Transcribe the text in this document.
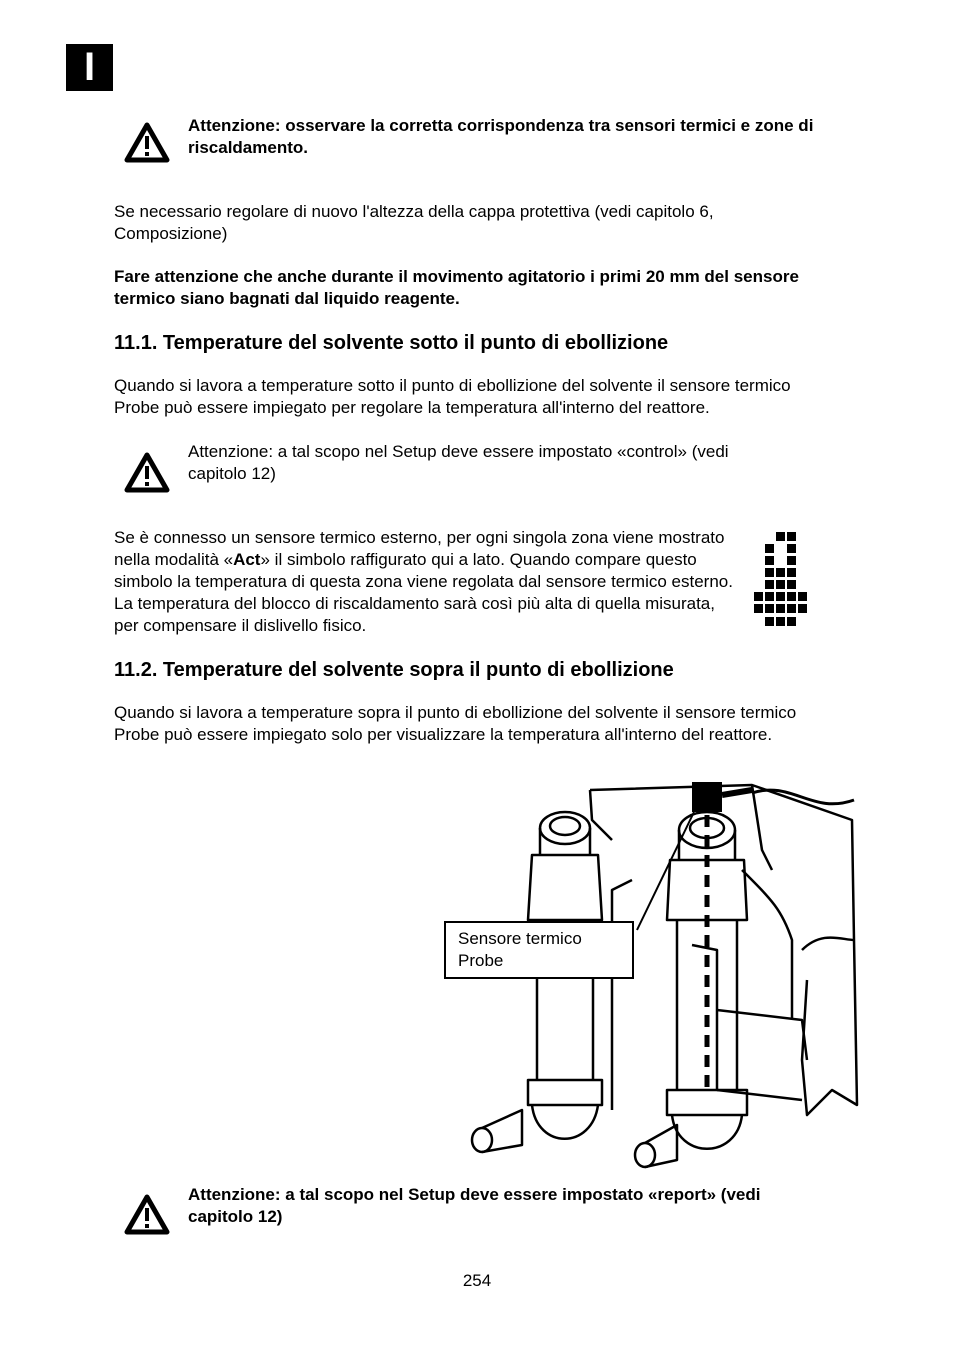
I
Attenzione: osservare la corretta corrispondenza tra sensori termici e zone di riscaldamento.
Se necessario regolare di nuovo l'altezza della cappa protettiva (vedi capitolo 6, Composizione)
Fare attenzione che anche durante il movimento agitatorio i primi 20 mm del sensore termico siano bagnati dal liquido reagente.
11.1. Temperature del solvente sotto il punto di ebollizione
Quando si lavora a temperature sotto il punto di ebollizione del solvente il sensore termico Probe può essere impiegato per regolare la temperatura all'interno del reattore.
Attenzione: a tal scopo nel Setup deve essere impostato «control» (vedi capitolo 12)
Se è connesso un sensore termico esterno, per ogni singola zona viene mostrato nella modalità «Act» il simbolo raffigurato qui a lato. Quando compare questo simbolo la temperatura di questa zona viene regolata dal sensore termico esterno. La temperatura del blocco di riscaldamento sarà così più alta di quella misurata, per compensare il dislivello fisico.
11.2. Temperature del solvente sopra il punto di ebollizione
Quando si lavora a temperature sopra il punto di ebollizione del solvente il sensore termico Probe può essere impiegato solo per visualizzare la temperatura all'interno del reattore.
Sensore termico Probe
Attenzione: a tal scopo nel Setup deve essere impostato «report» (vedi capitolo 12)
254
